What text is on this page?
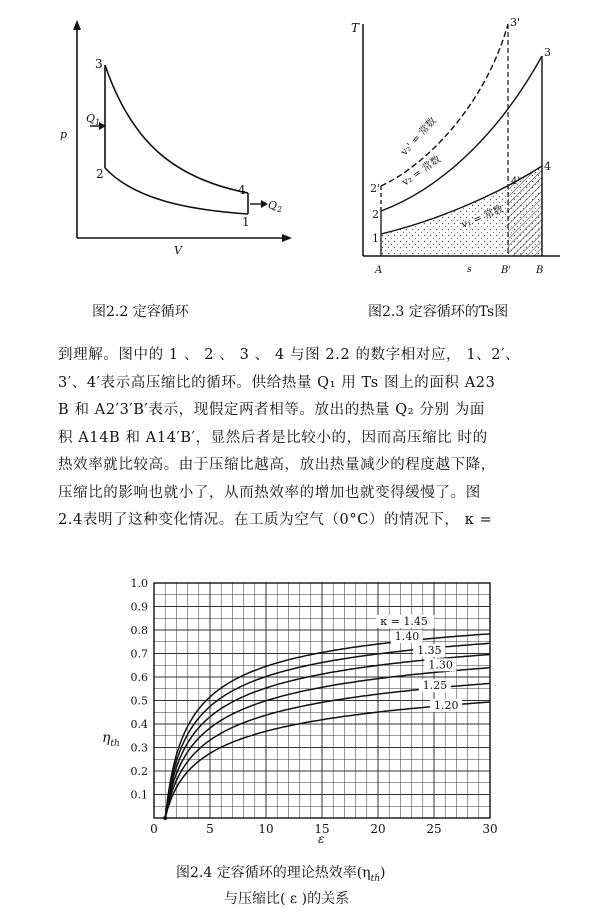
p
V
3
2
4
1
$Q_1$
$Q_2$
图2.2 定容循环
T
s
A	B' B
1
2
2'
3
3'
4
4'
v₁ = 常数
v₂ = 常数
v₂' = 常数
图2.3 定容循环的Ts图

到理解。图中的 1 、 2 、 3 、 4 与图 2.2 的数字相对应， 1、2′、

3′、4′表示高压缩比的循环。供给热量 Q₁ 用 Ts 图上的面积 A23

B 和 A2′3′B′表示，现假定两者相等。放出的热量 Q₂ 分别 为面

积 A14B 和 A14′B′，显然后者是比较小的，因而高压缩比 时的

热效率就比较高。由于压缩比越高，放出热量减少的程度越下降，

压缩比的影响也就小了，从而热效率的增加也就变得缓慢了。图

2.4表明了这种变化情况。在工质为空气（0°C）的情况下， κ =

0.1
0.2
0.3
0.4
0.5
0.6
0.7
0.8
0.9
1.0
0	5	10	15	20	25	30
κ = 1.45
1.40
1.35
1.30
1.25
1.20
$\eta_{th}$
ε
图2.4 定容循环的理论热效率$(\eta_{th})$
与压缩比( ε )的关系
